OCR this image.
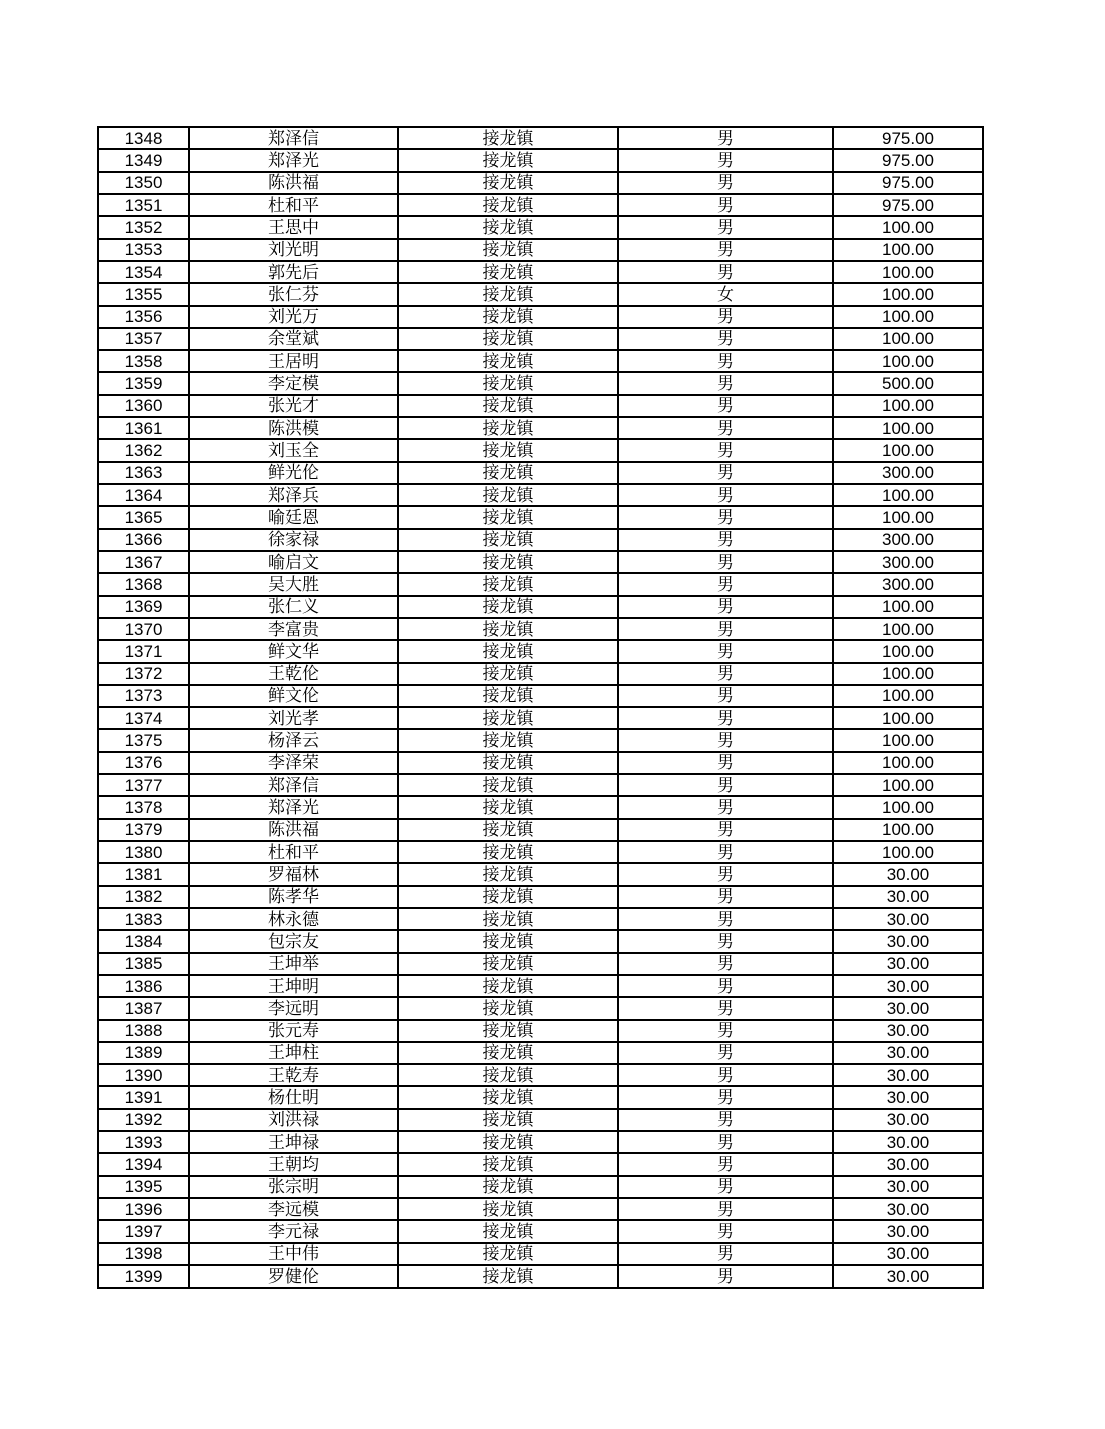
1348	郑泽信	接龙镇	男	975.00
1349	郑泽光	接龙镇	男	975.00
1350	陈洪福	接龙镇	男	975.00
1351	杜和平	接龙镇	男	975.00
1352	王思中	接龙镇	男	100.00
1353	刘光明	接龙镇	男	100.00
1354	郭先后	接龙镇	男	100.00
1355	张仁芬	接龙镇	女	100.00
1356	刘光万	接龙镇	男	100.00
1357	余堂斌	接龙镇	男	100.00
1358	王居明	接龙镇	男	100.00
1359	李定模	接龙镇	男	500.00
1360	张光才	接龙镇	男	100.00
1361	陈洪模	接龙镇	男	100.00
1362	刘玉全	接龙镇	男	100.00
1363	鲜光伦	接龙镇	男	300.00
1364	郑泽兵	接龙镇	男	100.00
1365	喻廷恩	接龙镇	男	100.00
1366	徐家禄	接龙镇	男	300.00
1367	喻启文	接龙镇	男	300.00
1368	吴大胜	接龙镇	男	300.00
1369	张仁义	接龙镇	男	100.00
1370	李富贵	接龙镇	男	100.00
1371	鲜文华	接龙镇	男	100.00
1372	王乾伦	接龙镇	男	100.00
1373	鲜文伦	接龙镇	男	100.00
1374	刘光孝	接龙镇	男	100.00
1375	杨泽云	接龙镇	男	100.00
1376	李泽荣	接龙镇	男	100.00
1377	郑泽信	接龙镇	男	100.00
1378	郑泽光	接龙镇	男	100.00
1379	陈洪福	接龙镇	男	100.00
1380	杜和平	接龙镇	男	100.00
1381	罗福林	接龙镇	男	30.00
1382	陈孝华	接龙镇	男	30.00
1383	林永德	接龙镇	男	30.00
1384	包宗友	接龙镇	男	30.00
1385	王坤举	接龙镇	男	30.00
1386	王坤明	接龙镇	男	30.00
1387	李远明	接龙镇	男	30.00
1388	张元寿	接龙镇	男	30.00
1389	王坤柱	接龙镇	男	30.00
1390	王乾寿	接龙镇	男	30.00
1391	杨仕明	接龙镇	男	30.00
1392	刘洪禄	接龙镇	男	30.00
1393	王坤禄	接龙镇	男	30.00
1394	王朝均	接龙镇	男	30.00
1395	张宗明	接龙镇	男	30.00
1396	李远模	接龙镇	男	30.00
1397	李元禄	接龙镇	男	30.00
1398	王中伟	接龙镇	男	30.00
1399	罗健伦	接龙镇	男	30.00
